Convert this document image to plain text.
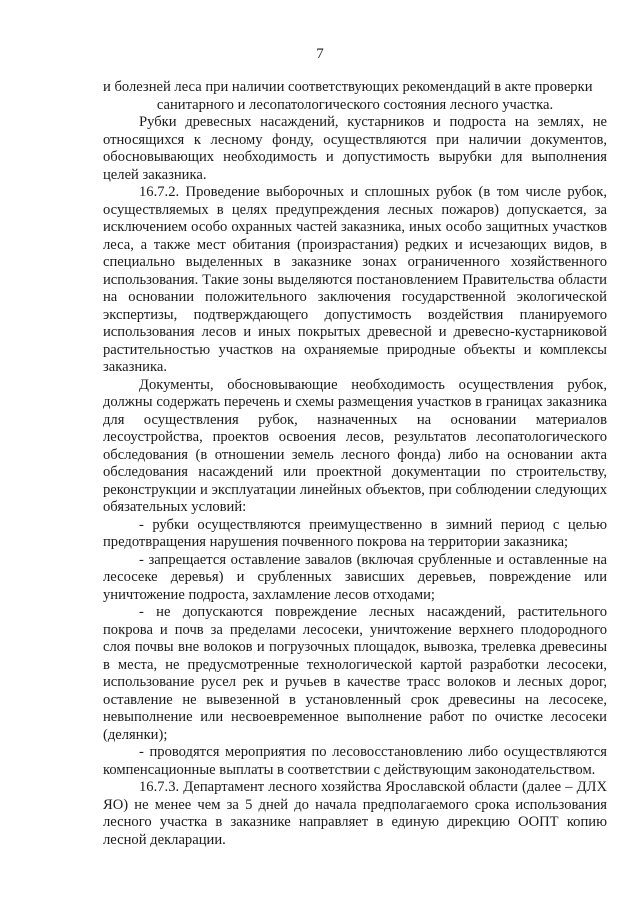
7

и болезней леса при наличии соответствующих рекомендаций в акте проверки

санитарного и лесопатологического состояния лесного участка.

Рубки древесных насаждений, кустарников и подроста на землях, не относящихся к лесному фонду, осуществляются при наличии документов, обосновывающих необходимость и допустимость вырубки для выполнения целей заказника.

16.7.2. Проведение выборочных и сплошных рубок (в том числе рубок, осуществляемых в целях предупреждения лесных пожаров) допускается, за исключением особо охранных частей заказника, иных особо защитных участков леса, а также мест обитания (произрастания) редких и исчезающих видов, в специально выделенных в заказнике зонах ограниченного хозяйственного использования. Такие зоны выделяются постановлением Правительства области на основании положительного заключения государственной экологической экспертизы, подтверждающего допустимость воздействия планируемого использования лесов и иных покрытых древесной и древесно-кустарниковой растительностью участков на охраняемые природные объекты и комплексы заказника.

Документы, обосновывающие необходимость осуществления рубок, должны содержать перечень и схемы размещения участков в границах заказника для осуществления рубок, назначенных на основании материалов лесоустройства, проектов освоения лесов, результатов лесопатологического обследования (в отношении земель лесного фонда) либо на основании акта обследования насаждений или проектной документации по строительству, реконструкции и эксплуатации линейных объектов, при соблюдении следующих обязательных условий:

- рубки осуществляются преимущественно в зимний период с целью предотвращения нарушения почвенного покрова на территории заказника;

- запрещается оставление завалов (включая срубленные и оставленные на лесосеке деревья) и срубленных зависших деревьев, повреждение или уничтожение подроста, захламление лесов отходами;

- не допускаются повреждение лесных насаждений, растительного покрова и почв за пределами лесосеки, уничтожение верхнего плодородного слоя почвы вне волоков и погрузочных площадок, вывозка, трелевка древесины в места, не предусмотренные технологической картой разработки лесосеки, использование русел рек и ручьев в качестве трасс волоков и лесных дорог, оставление не вывезенной в установленный срок древесины на лесосеке, невыполнение или несвоевременное выполнение работ по очистке лесосеки (делянки);

- проводятся мероприятия по лесовосстановлению либо осуществляются компенсационные выплаты в соответствии с действующим законодательством.

16.7.3. Департамент лесного хозяйства Ярославской области (далее – ДЛХ ЯО) не менее чем за 5 дней до начала предполагаемого срока использования лесного участка в заказнике направляет в единую дирекцию ООПТ копию лесной декларации.
